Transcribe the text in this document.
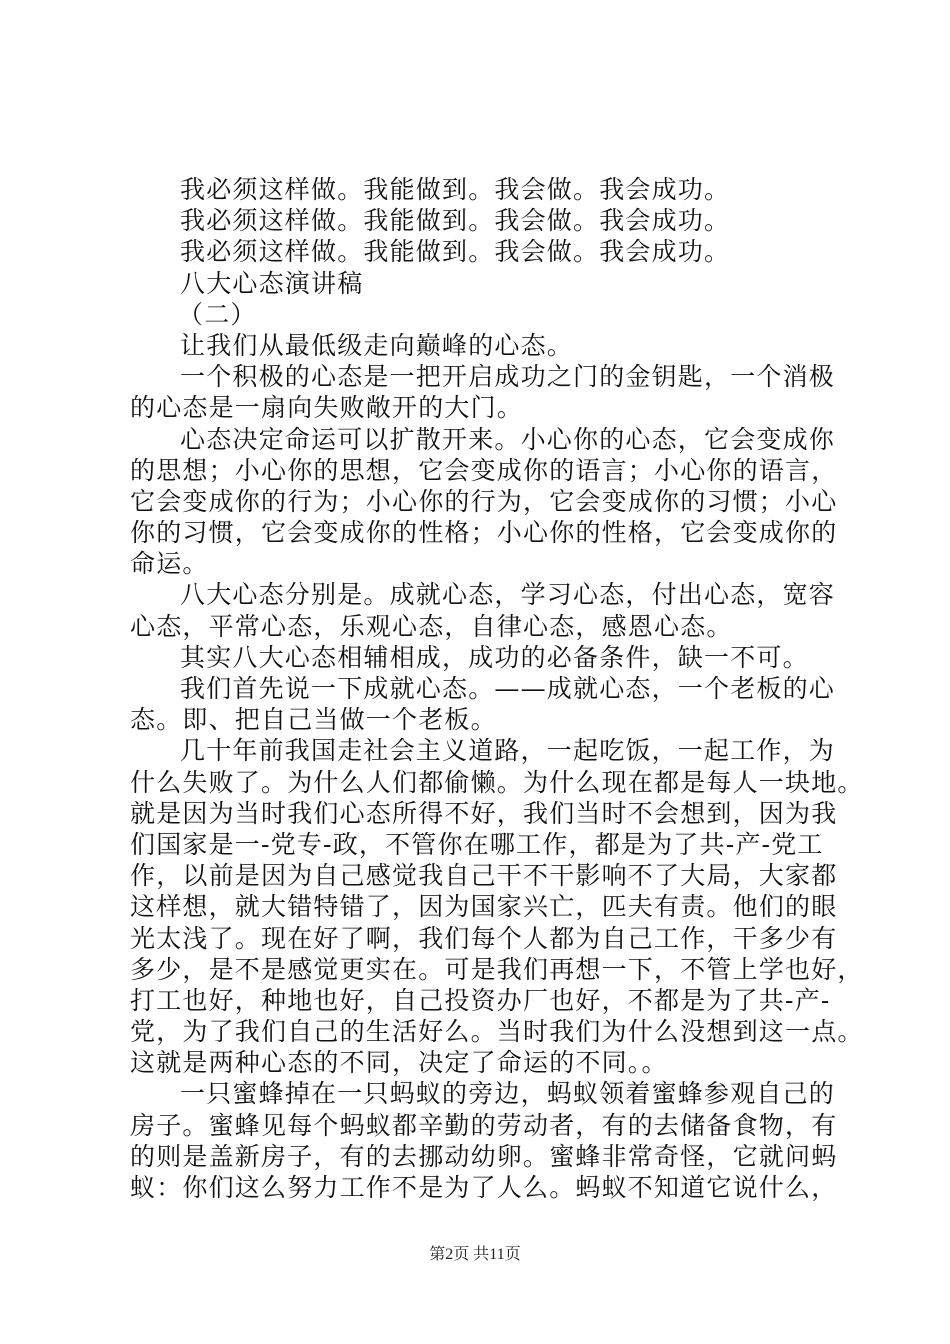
我必须这样做。我能做到。我会做。我会成功。
我必须这样做。我能做到。我会做。我会成功。
我必须这样做。我能做到。我会做。我会成功。
八大心态演讲稿
（二）
让我们从最低级走向巅峰的心态。
一个积极的心态是一把开启成功之门的金钥匙，一个消极
的心态是一扇向失败敞开的大门。
心态决定命运可以扩散开来。小心你的心态，它会变成你
的思想；小心你的思想，它会变成你的语言；小心你的语言，
它会变成你的行为；小心你的行为，它会变成你的习惯；小心
你的习惯，它会变成你的性格；小心你的性格，它会变成你的
命运。
八大心态分别是。成就心态，学习心态，付出心态，宽容
心态，平常心态，乐观心态，自律心态，感恩心态。
其实八大心态相辅相成，成功的必备条件，缺一不可。
我们首先说一下成就心态。——成就心态，一个老板的心
态。即、把自己当做一个老板。
几十年前我国走社会主义道路，一起吃饭，一起工作，为
什么失败了。为什么人们都偷懒。为什么现在都是每人一块地。
就是因为当时我们心态所得不好，我们当时不会想到，因为我
们国家是一-党专-政，不管你在哪工作，都是为了共-产-党工
作，以前是因为自己感觉我自己干不干影响不了大局，大家都
这样想，就大错特错了，因为国家兴亡，匹夫有责。他们的眼
光太浅了。现在好了啊，我们每个人都为自己工作，干多少有
多少，是不是感觉更实在。可是我们再想一下，不管上学也好，
打工也好，种地也好，自己投资办厂也好，不都是为了共-产-
党，为了我们自己的生活好么。当时我们为什么没想到这一点。
这就是两种心态的不同，决定了命运的不同。。
一只蜜蜂掉在一只蚂蚁的旁边，蚂蚁领着蜜蜂参观自己的
房子。蜜蜂见每个蚂蚁都辛勤的劳动者，有的去储备食物，有
的则是盖新房子，有的去挪动幼卵。蜜蜂非常奇怪，它就问蚂
蚁：你们这么努力工作不是为了人么。蚂蚁不知道它说什么，
第2页 共11页
